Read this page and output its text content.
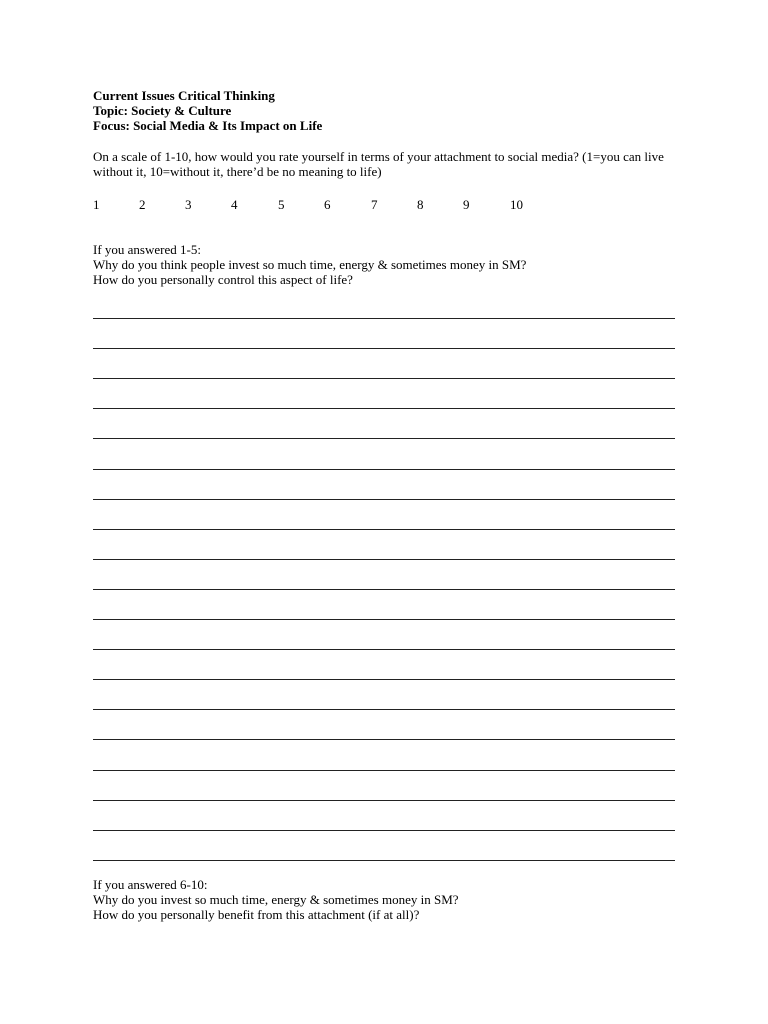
Current Issues Critical Thinking
Topic: Society & Culture
Focus: Social Media & Its Impact on Life
On a scale of 1-10, how would you rate yourself in terms of your attachment to social media? (1=you can live without it, 10=without it, there’d be no meaning to life)
1	2	3	4	5	6	7	8	9	10
If you answered 1-5:
Why do you think people invest so much time, energy & sometimes money in SM?
How do you personally control this aspect of life?
If you answered 6-10:
Why do you invest so much time, energy & sometimes money in SM?
How do you personally benefit from this attachment (if at all)?
